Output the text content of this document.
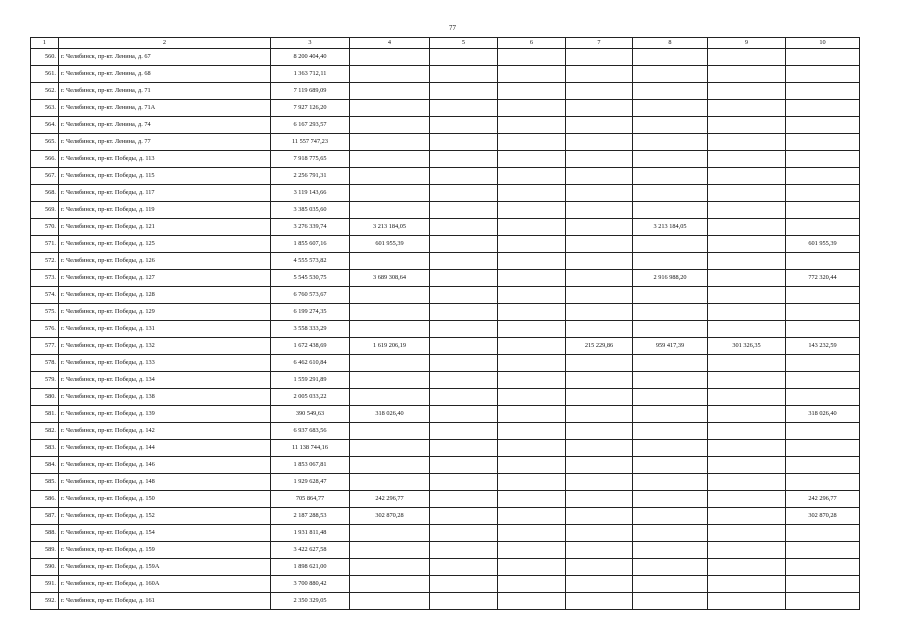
77
1	2	3	4	5	6	7	8	9	10
560.	г. Челябинск, пр-кт. Ленина, д. 67	8 200 404,40							
561.	г. Челябинск, пр-кт. Ленина, д. 68	1 363 712,11							
562.	г. Челябинск, пр-кт. Ленина, д. 71	7 119 689,09							
563.	г. Челябинск, пр-кт. Ленина, д. 71А	7 927 126,20							
564.	г. Челябинск, пр-кт. Ленина, д. 74	6 167 293,57							
565.	г. Челябинск, пр-кт. Ленина, д. 77	11 557 747,23							
566.	г. Челябинск, пр-кт. Победы, д. 113	7 918 775,65							
567.	г. Челябинск, пр-кт. Победы, д. 115	2 256 791,31							
568.	г. Челябинск, пр-кт. Победы, д. 117	3 119 143,66							
569.	г. Челябинск, пр-кт. Победы, д. 119	3 385 035,60							
570.	г. Челябинск, пр-кт. Победы, д. 121	3 276 339,74	3 213 184,05				3 213 184,05		
571.	г. Челябинск, пр-кт. Победы, д. 125	1 855 607,16	601 955,39						601 955,39
572.	г. Челябинск, пр-кт. Победы, д. 126	4 555 573,82							
573.	г. Челябинск, пр-кт. Победы, д. 127	5 545 530,75	3 689 308,64				2 916 988,20		772 320,44
574.	г. Челябинск, пр-кт. Победы, д. 128	6 760 573,67							
575.	г. Челябинск, пр-кт. Победы, д. 129	6 199 274,35							
576.	г. Челябинск, пр-кт. Победы, д. 131	3 558 333,29							
577.	г. Челябинск, пр-кт. Победы, д. 132	1 672 438,69	1 619 206,19			215 229,86	959 417,39	301 326,35	143 232,59
578.	г. Челябинск, пр-кт. Победы, д. 133	6 462 610,84							
579.	г. Челябинск, пр-кт. Победы, д. 134	1 559 291,89							
580.	г. Челябинск, пр-кт. Победы, д. 138	2 005 033,22							
581.	г. Челябинск, пр-кт. Победы, д. 139	390 549,63	318 026,40						318 026,40
582.	г. Челябинск, пр-кт. Победы, д. 142	6 937 683,56							
583.	г. Челябинск, пр-кт. Победы, д. 144	11 138 744,16							
584.	г. Челябинск, пр-кт. Победы, д. 146	1 853 067,81							
585.	г. Челябинск, пр-кт. Победы, д. 148	1 929 628,47							
586.	г. Челябинск, пр-кт. Победы, д. 150	705 864,77	242 296,77						242 296,77
587.	г. Челябинск, пр-кт. Победы, д. 152	2 187 288,53	302 870,28						302 870,28
588.	г. Челябинск, пр-кт. Победы, д. 154	1 931 811,48							
589.	г. Челябинск, пр-кт. Победы, д. 159	3 422 627,58							
590.	г. Челябинск, пр-кт. Победы, д. 159А	1 898 621,00							
591.	г. Челябинск, пр-кт. Победы, д. 160А	3 700 880,42							
592.	г. Челябинск, пр-кт. Победы, д. 161	2 350 329,05							
